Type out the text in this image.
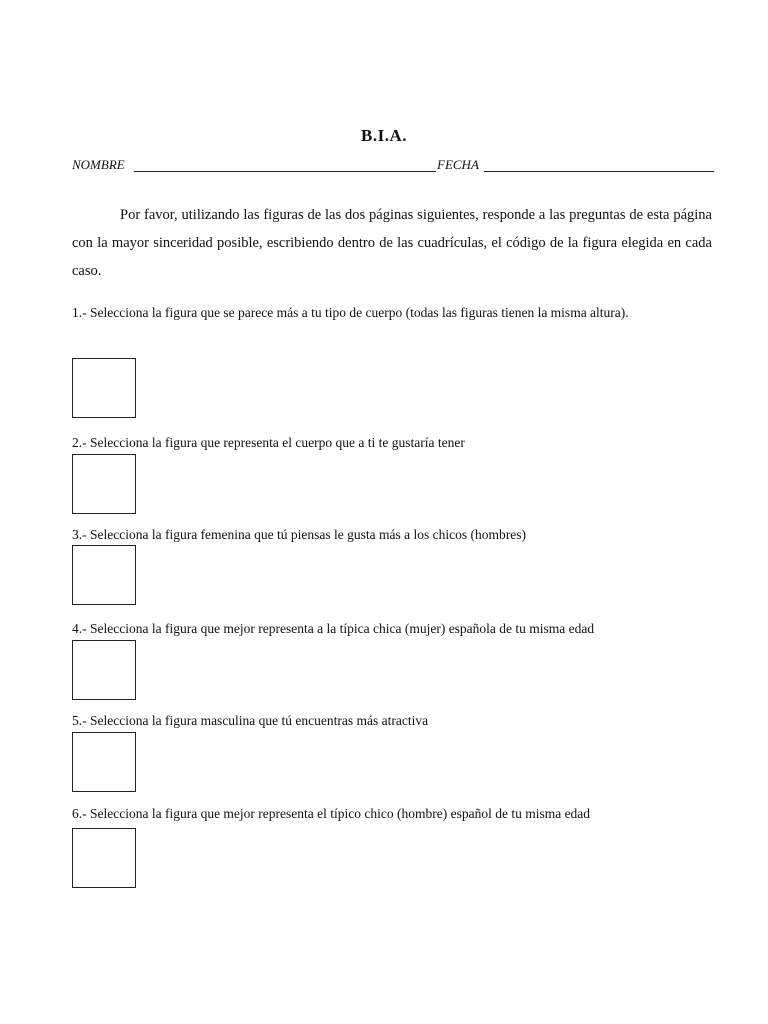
B.I.A.
NOMBRE	FECHA
Por favor, utilizando las figuras de las dos páginas siguientes, responde a las preguntas de esta página con la mayor sinceridad posible, escribiendo dentro de las cuadrículas, el código de la figura elegida en cada caso.
1.- Selecciona la figura que se parece más a tu tipo de cuerpo (todas las figuras tienen la misma altura).
2.- Selecciona la figura que representa el cuerpo que a ti te gustaría tener
3.- Selecciona la figura femenina que tú piensas le gusta más a los chicos (hombres)
4.- Selecciona la figura que mejor representa a la típica chica (mujer) española de tu misma edad
5.- Selecciona la figura masculina que tú encuentras más atractiva
6.- Selecciona la figura que mejor representa el típico chico (hombre) español de tu misma edad
